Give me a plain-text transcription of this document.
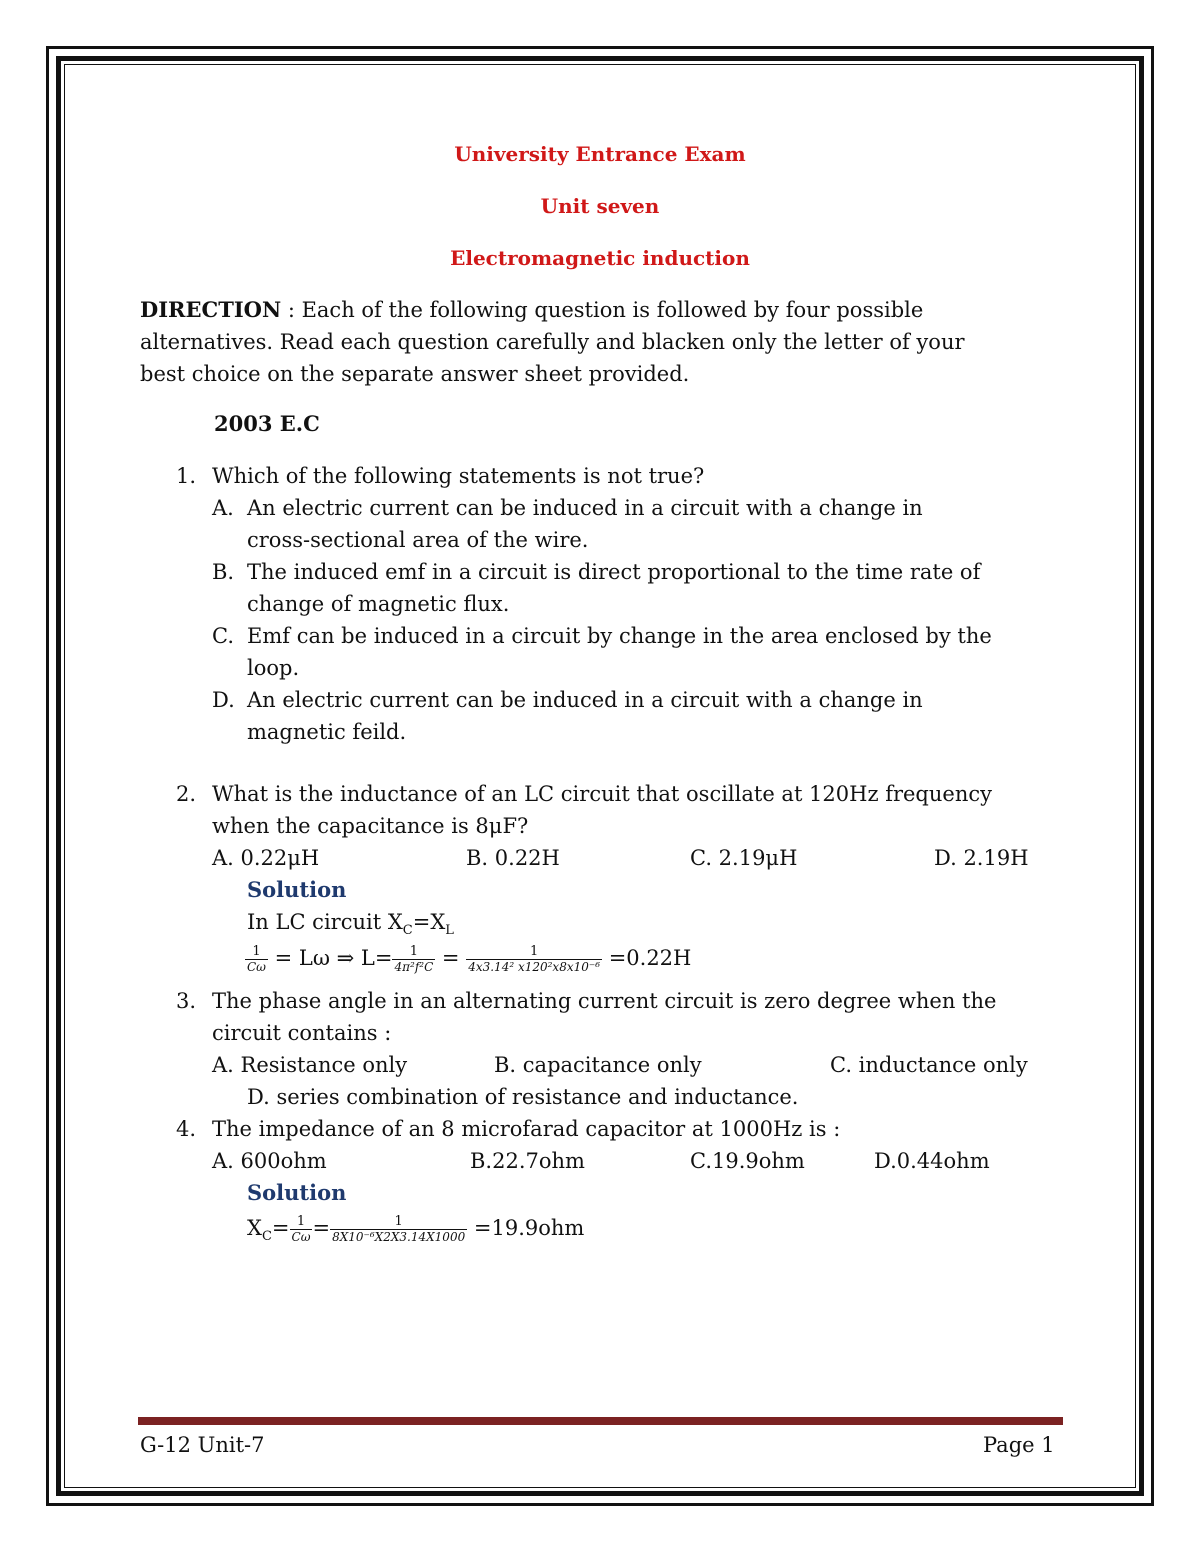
University Entrance Exam
Unit seven
Electromagnetic induction
DIRECTION : Each of the following question is followed by four possible
alternatives. Read each question carefully and blacken only the letter of your
best choice on the separate answer sheet provided.
2003 E.C
1. Which of the following statements is not true?
A. An electric current can be induced in a circuit with a change in
cross-sectional area of the wire.
B. The induced emf in a circuit is direct proportional to the time rate of
change of magnetic flux.
C. Emf can be induced in a circuit by change in the area enclosed by the
loop.
D. An electric current can be induced in a circuit with a change in
magnetic feild.
2. What is the inductance of an LC circuit that oscillate at 120Hz frequency
when the capacitance is 8μF?
A. 0.22μH	B. 0.22H	C. 2.19μH	D. 2.19H
Solution
In LC circuit $X_C=X_L$
$\frac{1}{C\omega} = L\omega$ ⇒ $L= \frac{1}{\text{4π²f²C}} = \frac{1}{\text{4x3.14² x120²x8x10⁻⁶}} =0.22H$
3. The phase angle in an alternating current circuit is zero degree when the
circuit contains :
A. Resistance only	B. capacitance only	C. inductance only
D. series combination of resistance and inductance.
4. The impedance of an 8 microfarad capacitor at 1000Hz is :
A. 600ohm	B.22.7ohm	C.19.9ohm	D.0.44ohm
Solution
$X_C= \frac{1}{C\omega} = \frac{1}{\text{8X10⁻⁶X2X3.14X1000}} =19.9ohm$
G-12 Unit-7	Page 1
